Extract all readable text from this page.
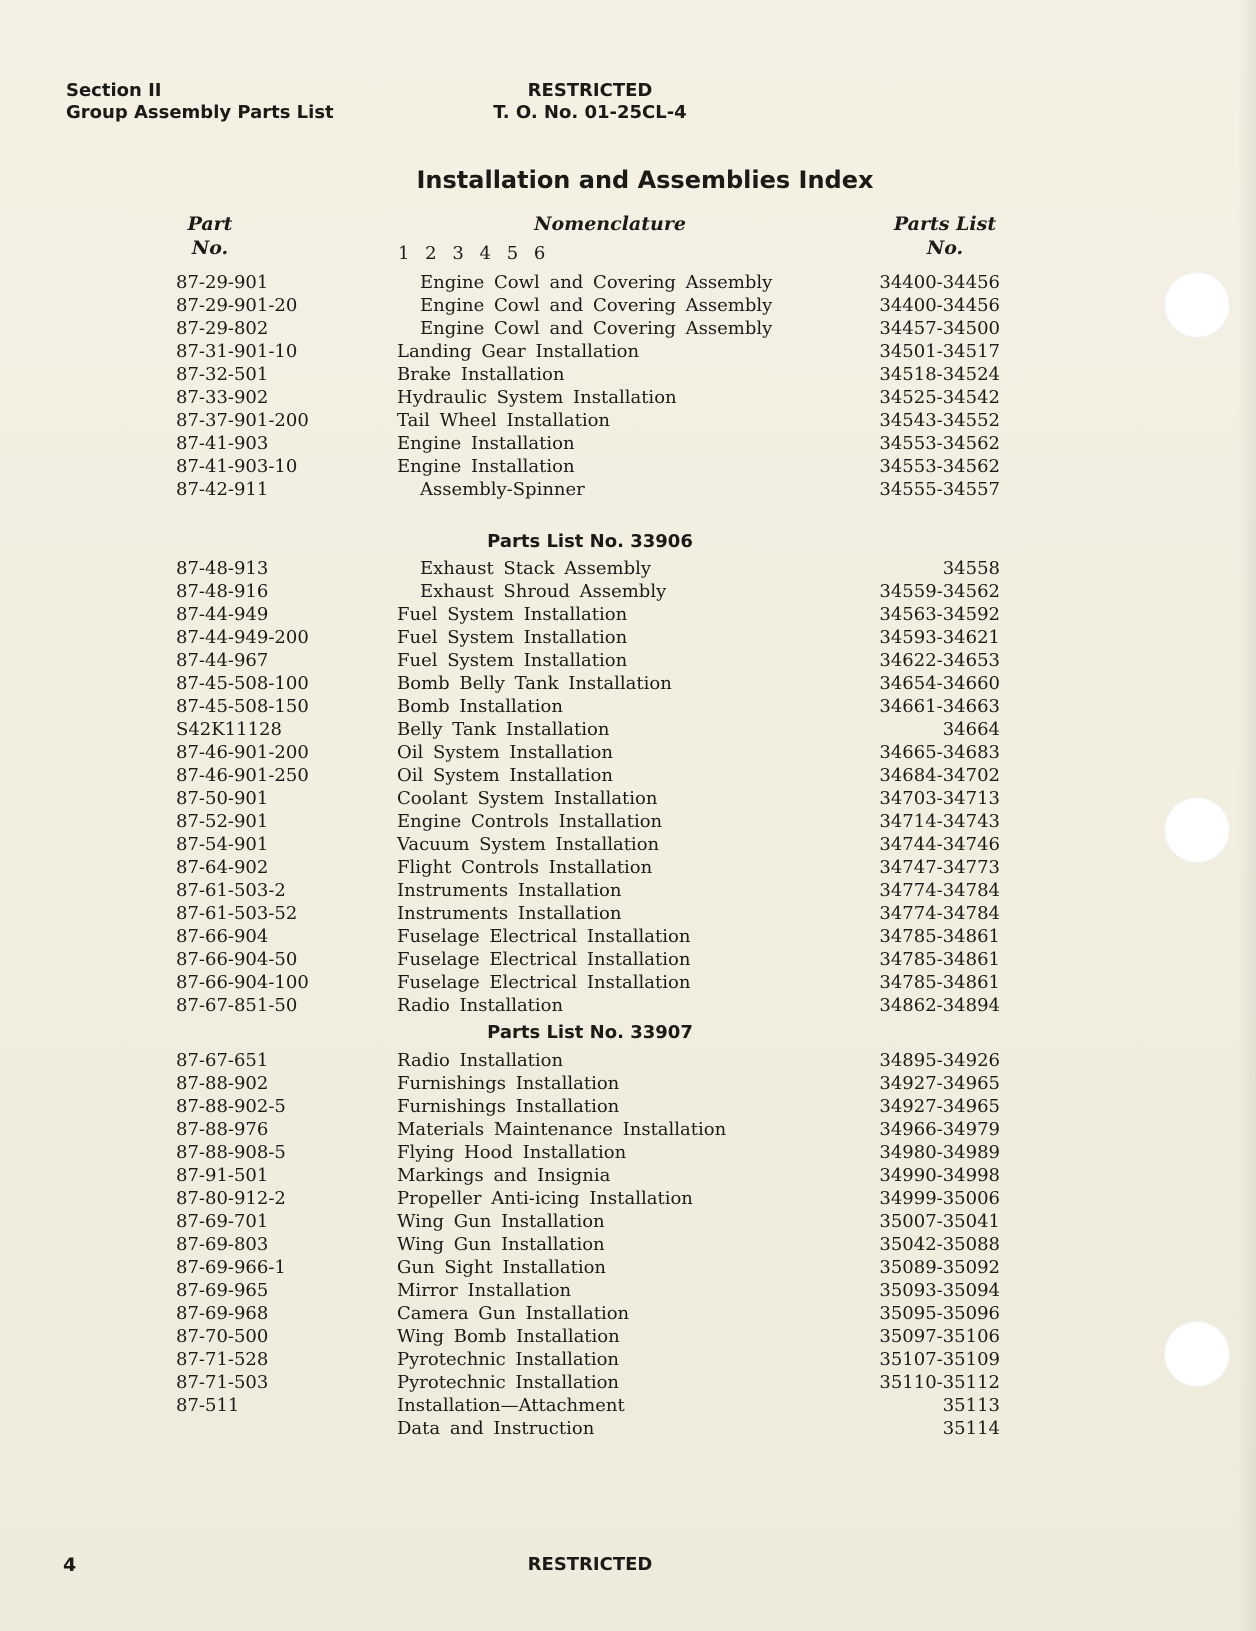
Section II
Group Assembly Parts List
RESTRICTED
T. O. No. 01-25CL-4
Installation and Assemblies Index
Part
No.
Nomenclature
1 2 3 4 5 6
Parts List
No.
87-29-901	Engine Cowl and Covering Assembly	34400-34456
87-29-901-20	Engine Cowl and Covering Assembly	34400-34456
87-29-802	Engine Cowl and Covering Assembly	34457-34500
87-31-901-10	Landing Gear Installation	34501-34517
87-32-501	Brake Installation	34518-34524
87-33-902	Hydraulic System Installation	34525-34542
87-37-901-200	Tail Wheel Installation	34543-34552
87-41-903	Engine Installation	34553-34562
87-41-903-10	Engine Installation	34553-34562
87-42-911	Assembly-Spinner	34555-34557
Parts List No. 33906
87-48-913	Exhaust Stack Assembly	34558
87-48-916	Exhaust Shroud Assembly	34559-34562
87-44-949	Fuel System Installation	34563-34592
87-44-949-200	Fuel System Installation	34593-34621
87-44-967	Fuel System Installation	34622-34653
87-45-508-100	Bomb Belly Tank Installation	34654-34660
87-45-508-150	Bomb Installation	34661-34663
S42K11128	Belly Tank Installation	34664
87-46-901-200	Oil System Installation	34665-34683
87-46-901-250	Oil System Installation	34684-34702
87-50-901	Coolant System Installation	34703-34713
87-52-901	Engine Controls Installation	34714-34743
87-54-901	Vacuum System Installation	34744-34746
87-64-902	Flight Controls Installation	34747-34773
87-61-503-2	Instruments Installation	34774-34784
87-61-503-52	Instruments Installation	34774-34784
87-66-904	Fuselage Electrical Installation	34785-34861
87-66-904-50	Fuselage Electrical Installation	34785-34861
87-66-904-100	Fuselage Electrical Installation	34785-34861
87-67-851-50	Radio Installation	34862-34894
Parts List No. 33907
87-67-651	Radio Installation	34895-34926
87-88-902	Furnishings Installation	34927-34965
87-88-902-5	Furnishings Installation	34927-34965
87-88-976	Materials Maintenance Installation	34966-34979
87-88-908-5	Flying Hood Installation	34980-34989
87-91-501	Markings and Insignia	34990-34998
87-80-912-2	Propeller Anti-icing Installation	34999-35006
87-69-701	Wing Gun Installation	35007-35041
87-69-803	Wing Gun Installation	35042-35088
87-69-966-1	Gun Sight Installation	35089-35092
87-69-965	Mirror Installation	35093-35094
87-69-968	Camera Gun Installation	35095-35096
87-70-500	Wing Bomb Installation	35097-35106
87-71-528	Pyrotechnic Installation	35107-35109
87-71-503	Pyrotechnic Installation	35110-35112
87-511	Installation—Attachment	35113
Data and Instruction	35114
4	RESTRICTED
